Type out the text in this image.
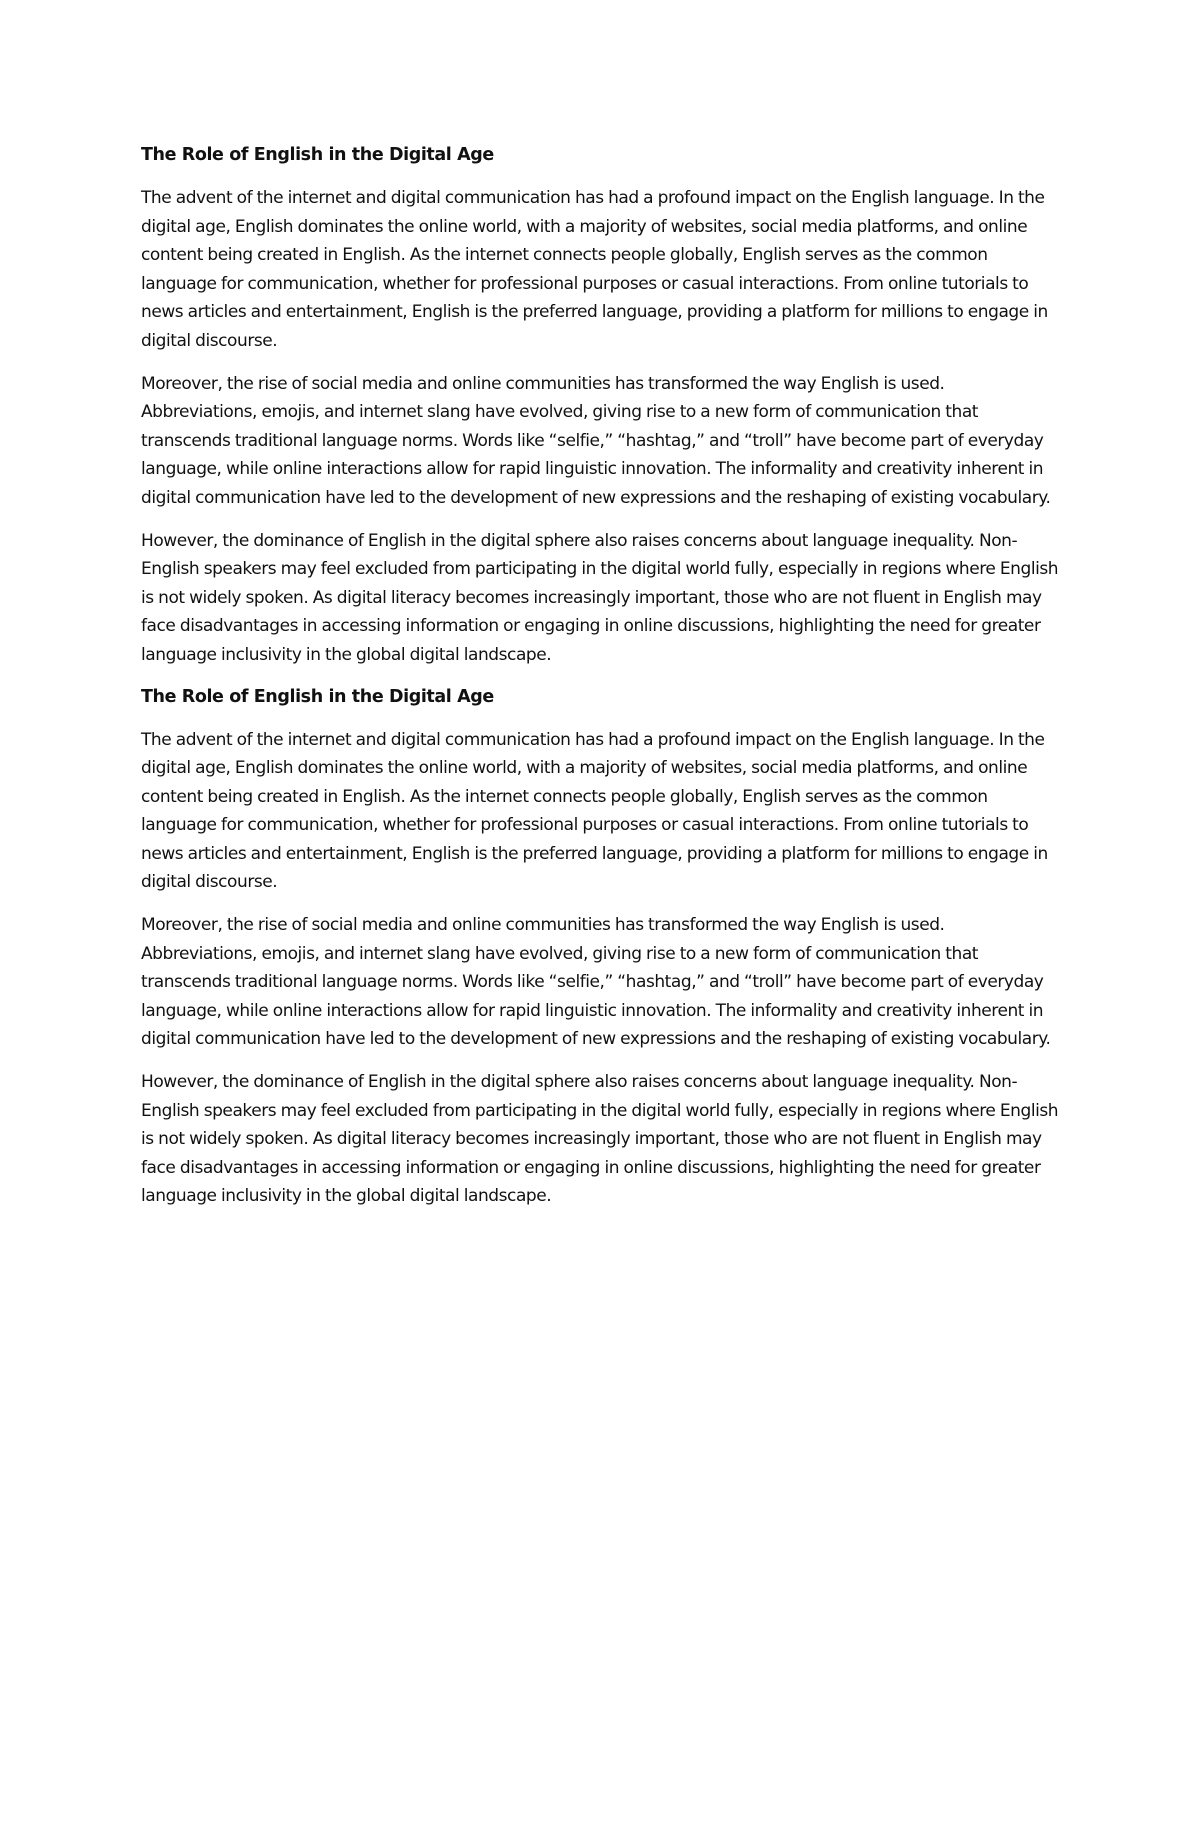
The Role of English in the Digital Age

The advent of the internet and digital communication has had a profound impact on the English language. In the digital age, English dominates the online world, with a majority of websites, social media platforms, and online content being created in English. As the internet connects people globally, English serves as the common language for communication, whether for professional purposes or casual interactions. From online tutorials to news articles and entertainment, English is the preferred language, providing a platform for millions to engage in digital discourse.

Moreover, the rise of social media and online communities has transformed the way English is used. Abbreviations, emojis, and internet slang have evolved, giving rise to a new form of communication that transcends traditional language norms. Words like “selfie,” “hashtag,” and “troll” have become part of everyday language, while online interactions allow for rapid linguistic innovation. The informality and creativity inherent in digital communication have led to the development of new expressions and the reshaping of existing vocabulary.

However, the dominance of English in the digital sphere also raises concerns about language inequality. Non-English speakers may feel excluded from participating in the digital world fully, especially in regions where English is not widely spoken. As digital literacy becomes increasingly important, those who are not fluent in English may face disadvantages in accessing information or engaging in online discussions, highlighting the need for greater language inclusivity in the global digital landscape.

The Role of English in the Digital Age

The advent of the internet and digital communication has had a profound impact on the English language. In the digital age, English dominates the online world, with a majority of websites, social media platforms, and online content being created in English. As the internet connects people globally, English serves as the common language for communication, whether for professional purposes or casual interactions. From online tutorials to news articles and entertainment, English is the preferred language, providing a platform for millions to engage in digital discourse.

Moreover, the rise of social media and online communities has transformed the way English is used. Abbreviations, emojis, and internet slang have evolved, giving rise to a new form of communication that transcends traditional language norms. Words like “selfie,” “hashtag,” and “troll” have become part of everyday language, while online interactions allow for rapid linguistic innovation. The informality and creativity inherent in digital communication have led to the development of new expressions and the reshaping of existing vocabulary.

However, the dominance of English in the digital sphere also raises concerns about language inequality. Non-English speakers may feel excluded from participating in the digital world fully, especially in regions where English is not widely spoken. As digital literacy becomes increasingly important, those who are not fluent in English may face disadvantages in accessing information or engaging in online discussions, highlighting the need for greater language inclusivity in the global digital landscape.
